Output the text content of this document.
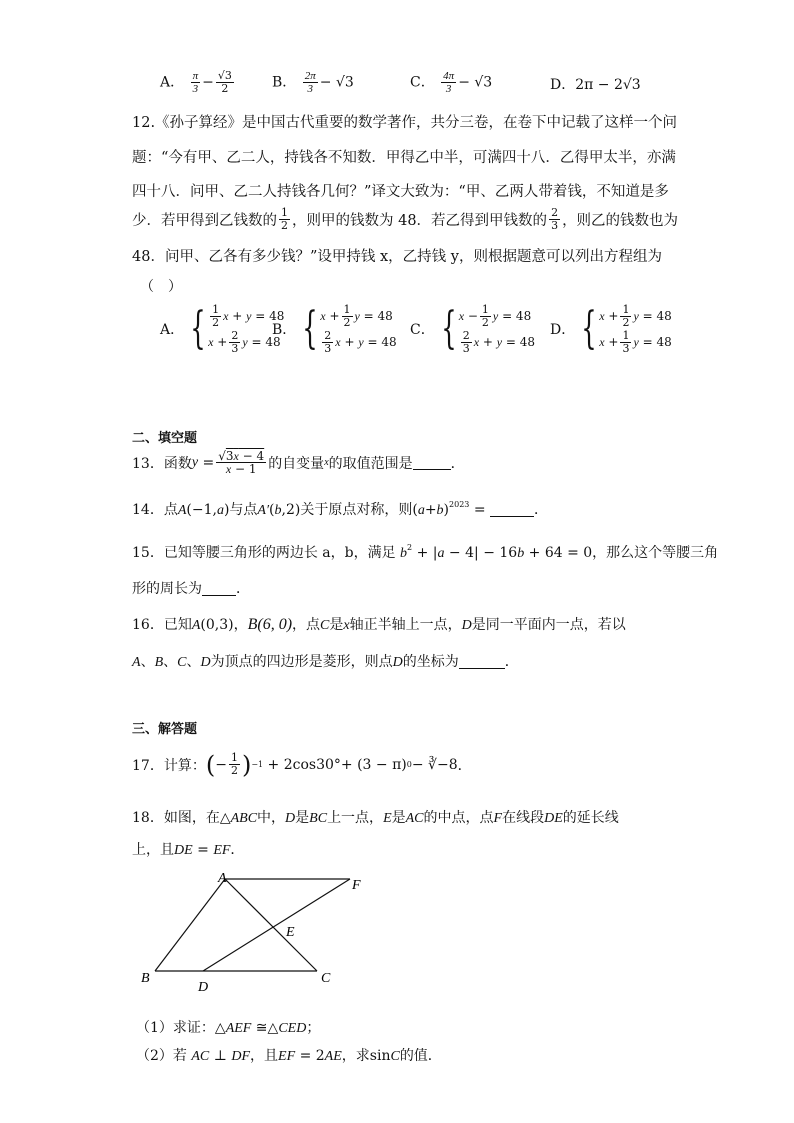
A． $\frac{\pi}{3} - \frac{√3}{2}$	B． $\frac{2\pi}{3} - √3$	C． $\frac{4\pi}{3} - √3$	D．2π − 2√3
12.《孙子算经》是中国古代重要的数学著作，共分三卷，在卷下中记载了这样一个问
题：“今有甲、乙二人，持钱各不知数．甲得乙中半，可满四十八．乙得甲太半，亦满
四十八．问甲、乙二人持钱各几何？”译文大致为：“甲、乙两人带着钱，不知道是多
少．若甲得到乙钱数的 $\frac{1}{2}$ ，则甲的钱数为 48．若乙得到甲钱数的 $\frac{2}{3}$ ，则乙的钱数也为
48．问甲、乙各有多少钱？”设甲持钱 x，乙持钱 y，则根据题意可以列出方程组为
（　）
A． { $\frac{1}{2}$ x + y = 48
$x + \frac{2}{3}$ y = 48
B． { $x + \frac{1}{2}$ y = 48
$\frac{2}{3}$ x + y = 48
C． { $x - \frac{1}{2}$ y = 48
$\frac{2}{3}$ x + y = 48
D． { $x + \frac{1}{2}$ y = 48
$x + \frac{1}{3}$ y = 48
二、填空题
13．函数 $y = \frac{√3x - 4}{x - 1}$ 的自变量 x 的取值范围是	．
14．点A(−1,a)与点A′(b,2)关于原点对称，则$(a+b)^{2023}$ =	．
15．已知等腰三角形的两边长 a，b，满足 $b^2 + |a - 4| - 16b + 64 = 0$，那么这个等腰三角
形的周长为 ．
16．已知A(0,3)，B(6, 0)，点C是x轴正半轴上一点，D是同一平面内一点，若以
A、B、C、D为顶点的四边形是菱形，则点D的坐标为	．
三、解答题
17．计算： ( − $\frac{1}{2}$ ) −1 + 2cos30°+ (3 − π) 0 − ∛−8 ．
18．如图，在△ABC中，D是BC上一点，E是AC的中点，点F在线段DE的延长线
上，且DE = EF．
A	F
E
B
D
C
（1）求证：△AEF ≅△CED；
（2）若 AC ⊥ DF，且EF = 2AE，求sinC的值．
